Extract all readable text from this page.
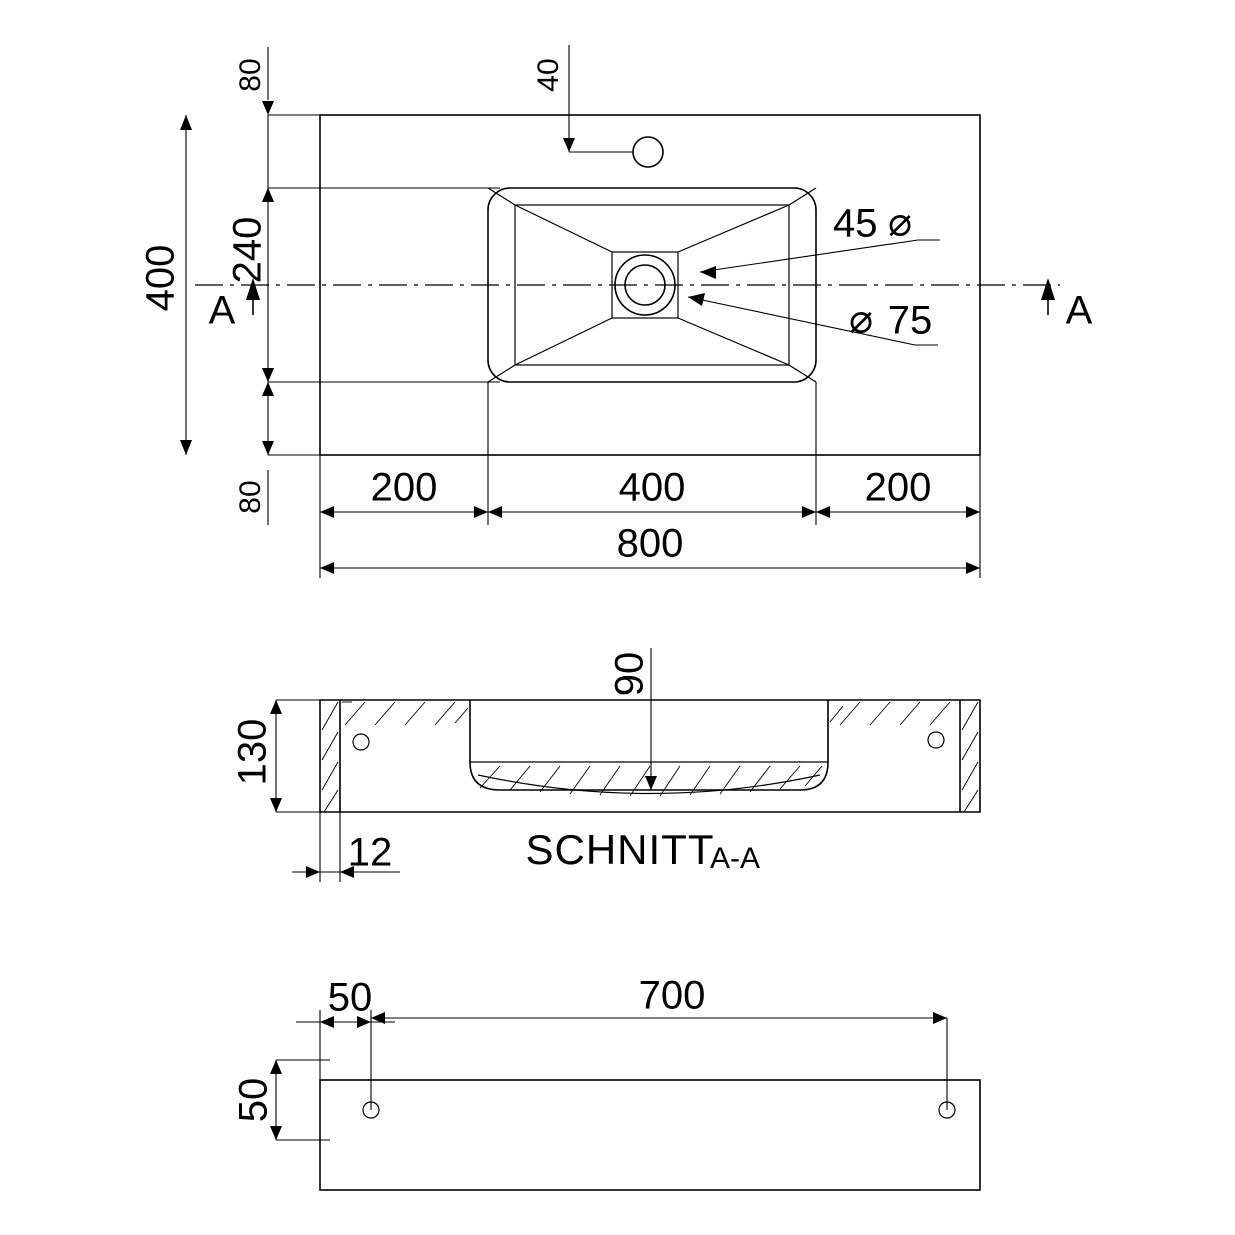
A	A
80
240
400
80
40
200	400	200
800
⌀
45
⌀ 75
130
90
12	SCHNITT
A-A
50	700
50
